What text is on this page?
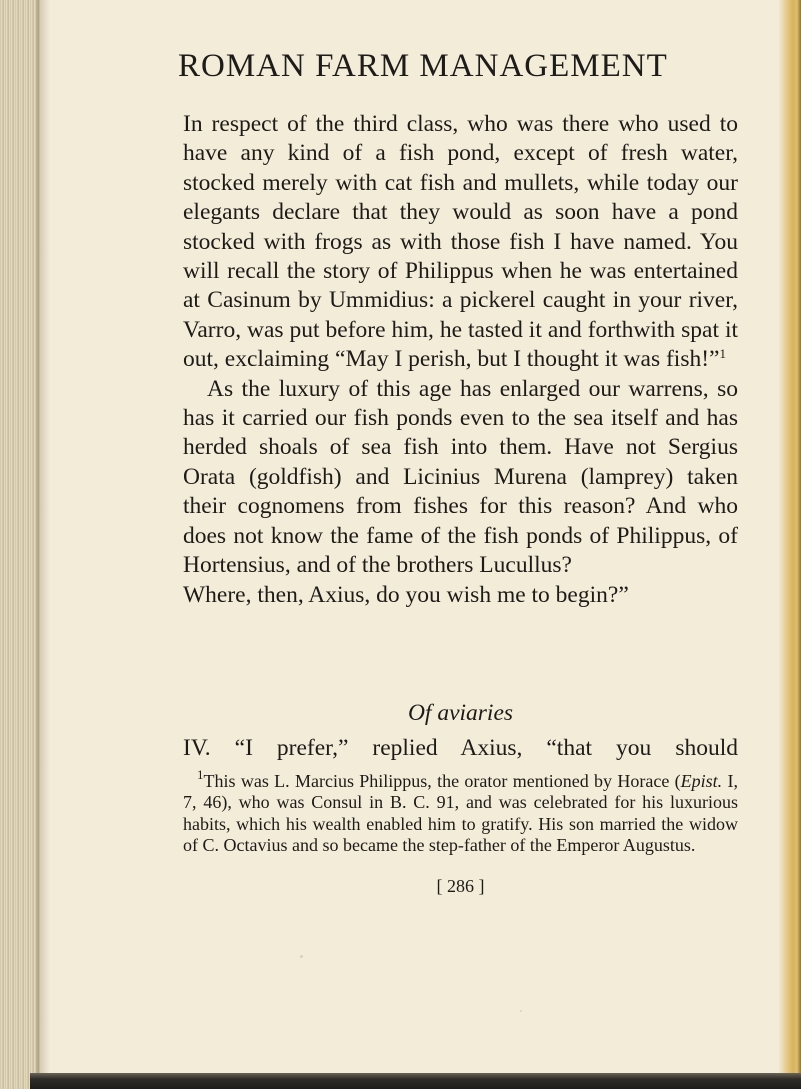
ROMAN FARM MANAGEMENT

In respect of the third class, who was there who used to have any kind of a fish pond, except of fresh water, stocked merely with cat fish and mullets, while today our elegants declare that they would as soon have a pond stocked with frogs as with those fish I have named. You will recall the story of Philippus when he was entertained at Casinum by Ummidius: a pickerel caught in your river, Varro, was put before him, he tasted it and forthwith spat it out, exclaiming “May I perish, but I thought it was fish!”$^1$

As the luxury of this age has enlarged our warrens, so has it carried our fish ponds even to the sea itself and has herded shoals of sea fish into them. Have not Sergius Orata (goldfish) and Licinius Murena (lamprey) taken their cognomens from fishes for this reason? And who does not know the fame of the fish ponds of Philippus, of Hortensius, and of the brothers Lucullus?

Where, then, Axius, do you wish me to begin?”

Of aviaries

IV. “I prefer,” replied Axius, “that you should

$^1$This was L. Marcius Philippus, the orator mentioned by Horace (Epist. I, 7, 46), who was Consul in B. C. 91, and was celebrated for his luxurious habits, which his wealth enabled him to gratify. His son married the widow of C. Octavius and so became the step-father of the Emperor Augustus.

[ 286 ]
